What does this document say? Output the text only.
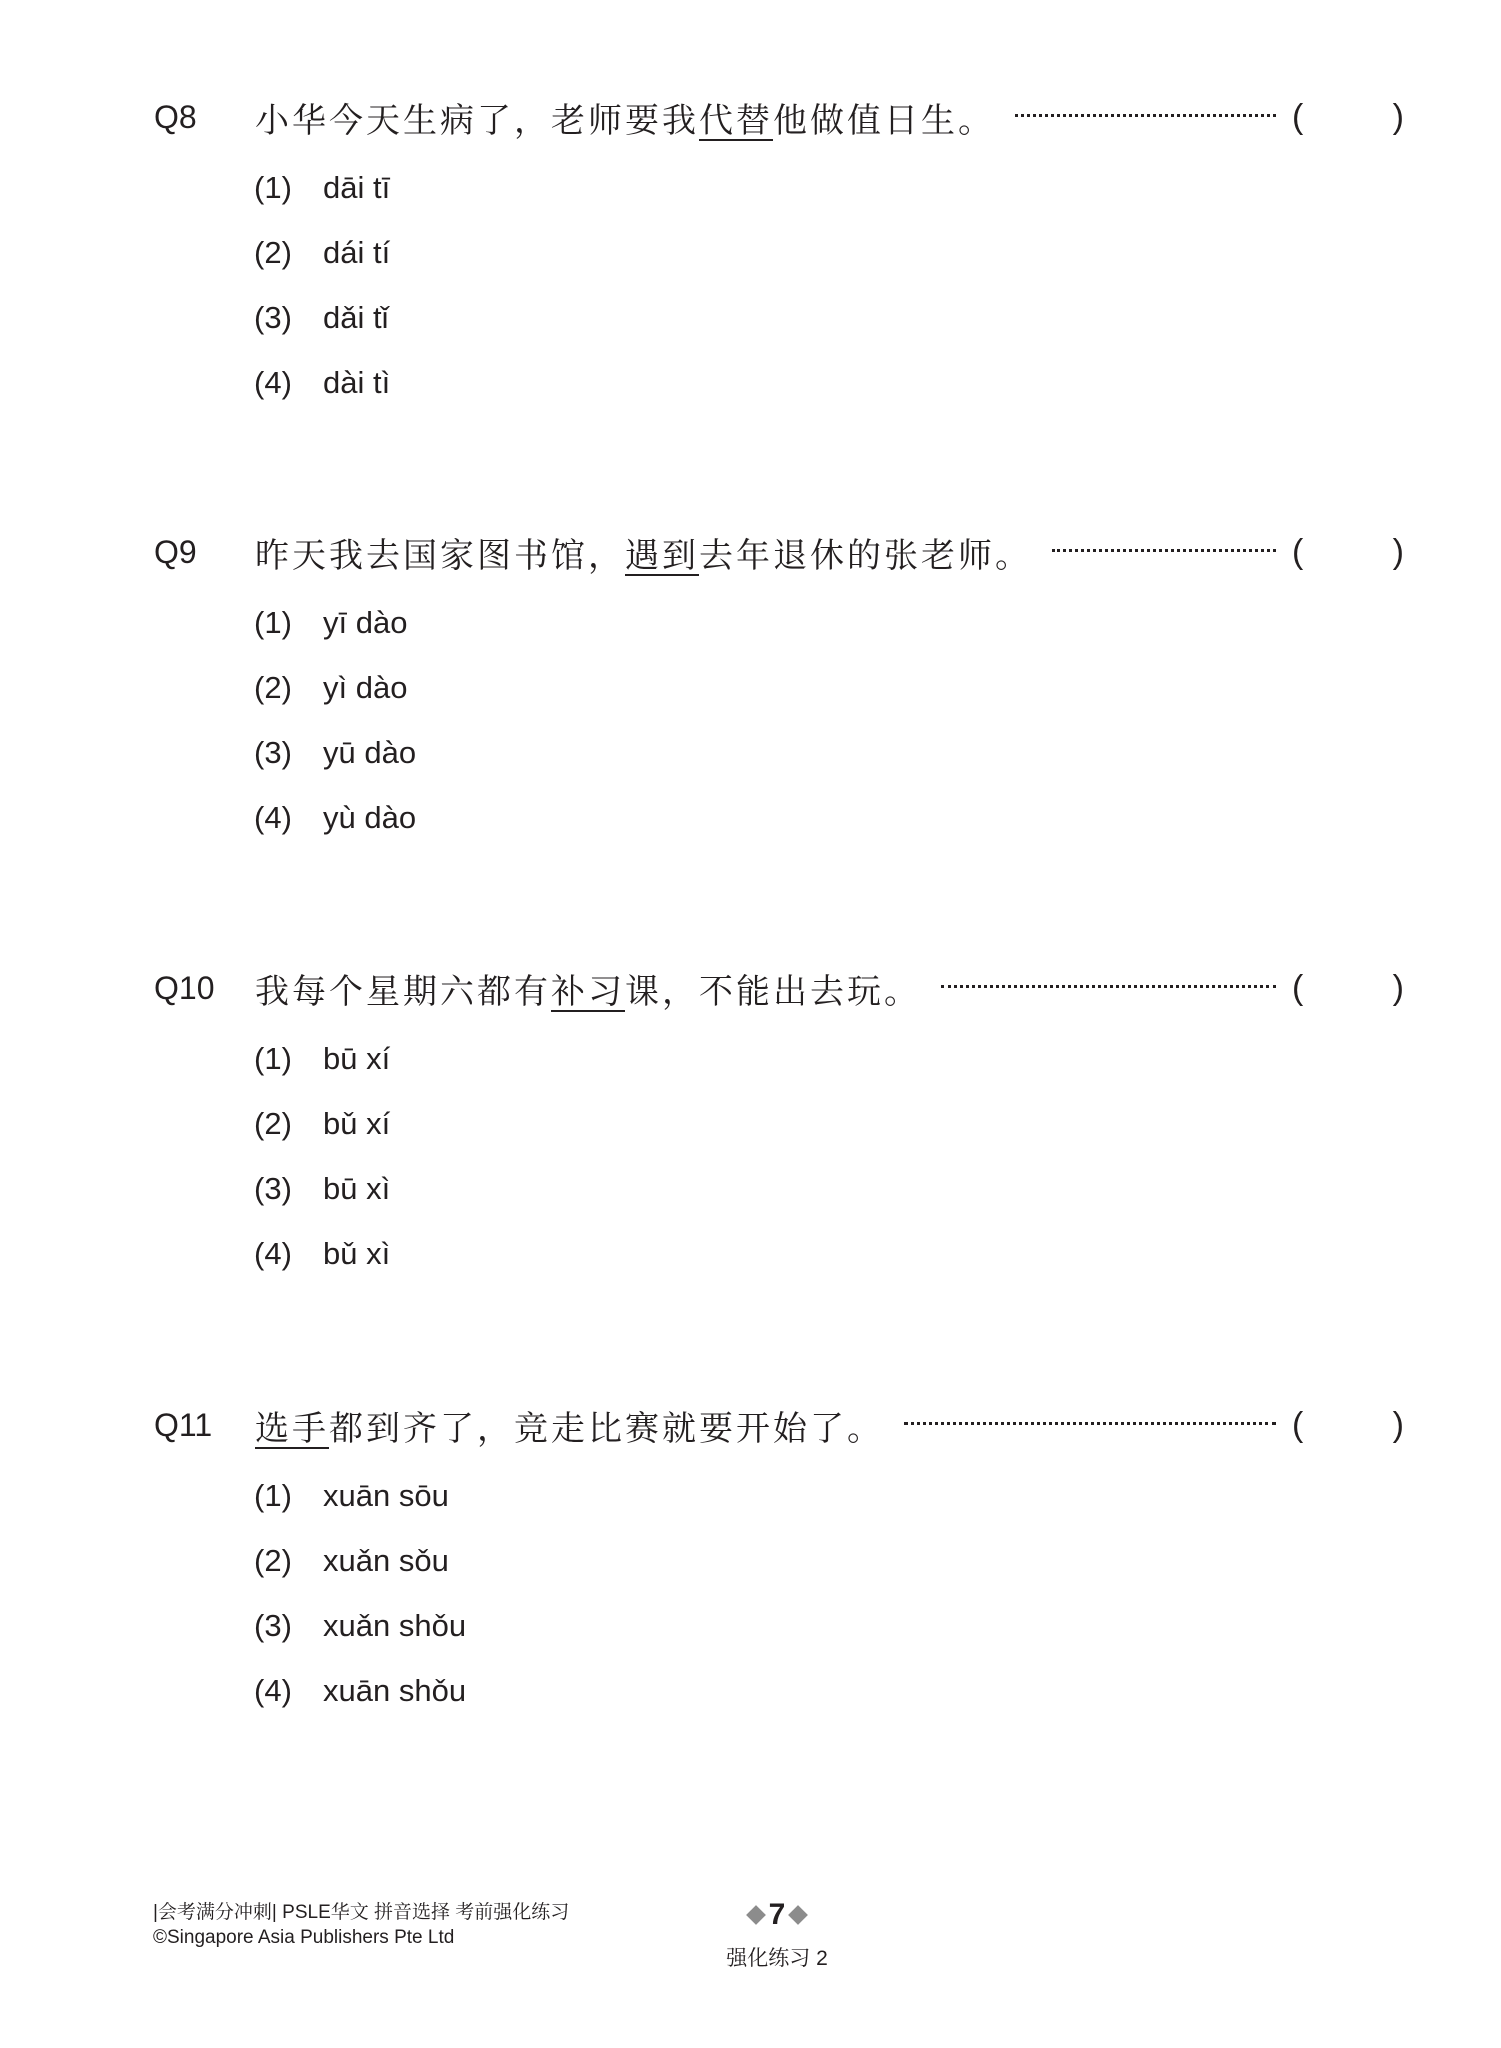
Q8	小华今天生病了，老师要我代替他做值日生。	(	)
(1)	dāi tī
(2)	dái tí
(3)	dǎi tǐ
(4)	dài tì
Q9	昨天我去国家图书馆，遇到去年退休的张老师。	(	)
(1)	yī dào
(2)	yì dào
(3)	yū dào
(4)	yù dào
Q10	我每个星期六都有补习课，不能出去玩。	(	)
(1)	bū xí
(2)	bǔ xí
(3)	bū xì
(4)	bǔ xì
Q11	选手都到齐了，竞走比赛就要开始了。	(	)
(1)	xuān sōu
(2)	xuǎn sǒu
(3)	xuǎn shǒu
(4)	xuān shǒu
|会考满分冲刺| PSLE华文 拼音选择 考前强化练习
©Singapore Asia Publishers Pte Ltd
7
强化练习 2
